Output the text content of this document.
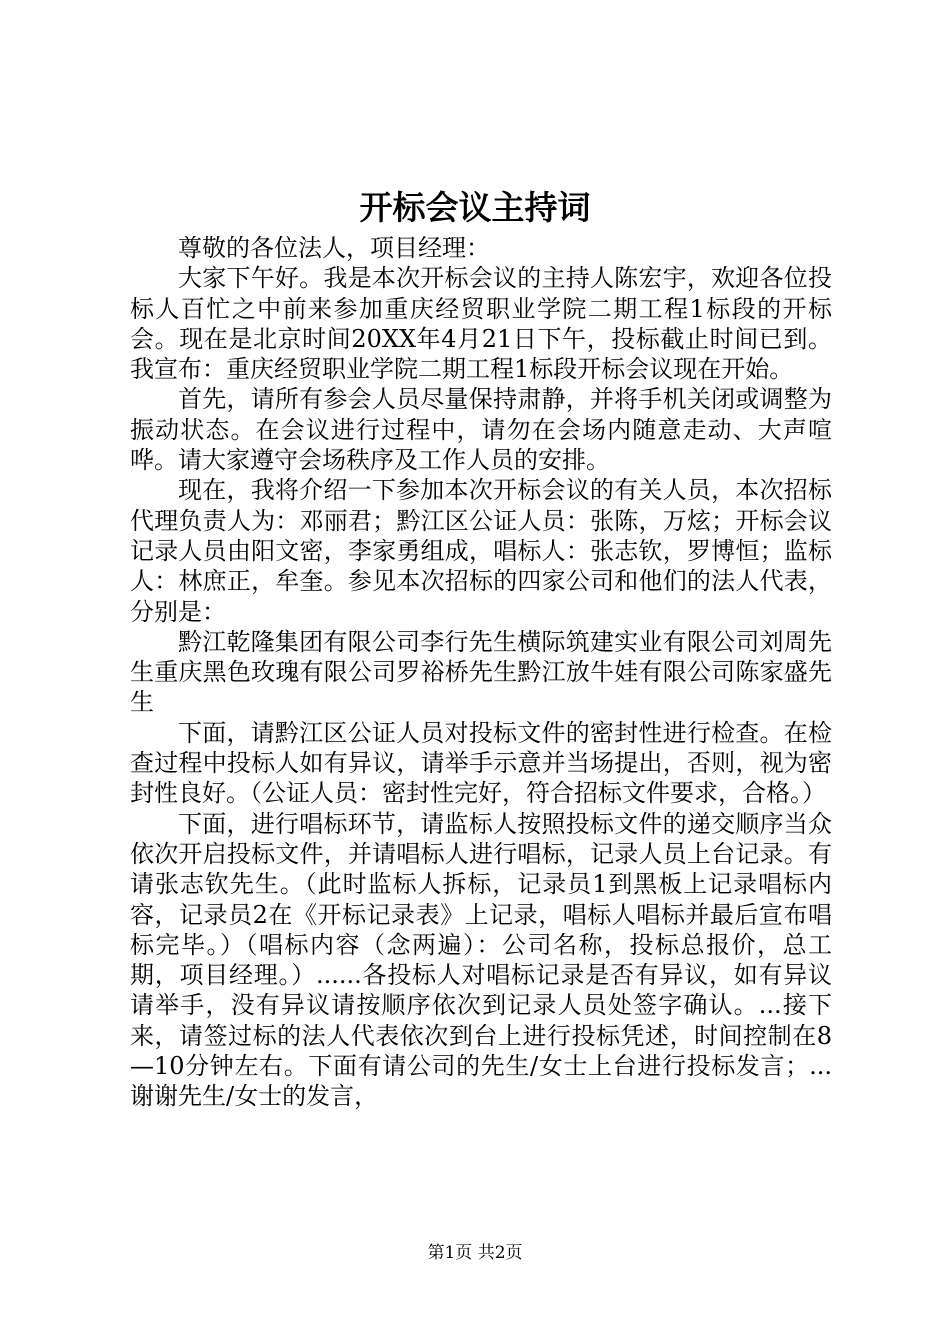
开标会议主持词

尊敬的各位法人，项目经理：

大家下午好。我是本次开标会议的主持人陈宏宇，欢迎各位投标人百忙之中前来参加重庆经贸职业学院二期工程1标段的开标会。现在是北京时间20XX年4月21日下午，投标截止时间已到。我宣布：重庆经贸职业学院二期工程1标段开标会议现在开始。

首先，请所有参会人员尽量保持肃静，并将手机关闭或调整为振动状态。在会议进行过程中，请勿在会场内随意走动、大声喧哗。请大家遵守会场秩序及工作人员的安排。

现在，我将介绍一下参加本次开标会议的有关人员，本次招标代理负责人为：邓丽君；黔江区公证人员：张陈，万炫；开标会议记录人员由阳文密，李家勇组成，唱标人：张志钦，罗博恒；监标人：林庶正，牟奎。参见本次招标的四家公司和他们的法人代表，分别是：

黔江乾隆集团有限公司李行先生横际筑建实业有限公司刘周先生重庆黑色玫瑰有限公司罗裕桥先生黔江放牛娃有限公司陈家盛先生

下面，请黔江区公证人员对投标文件的密封性进行检查。在检查过程中投标人如有异议，请举手示意并当场提出，否则，视为密封性良好。（公证人员：密封性完好，符合招标文件要求，合格。）

下面，进行唱标环节，请监标人按照投标文件的递交顺序当众依次开启投标文件，并请唱标人进行唱标，记录人员上台记录。有请张志钦先生。（此时监标人拆标，记录员1到黑板上记录唱标内容，记录员2在《开标记录表》上记录，唱标人唱标并最后宣布唱标完毕。）（唱标内容（念两遍）：公司名称，投标总报价，总工期，项目经理。）......各投标人对唱标记录是否有异议，如有异议请举手，没有异议请按顺序依次到记录人员处签字确认。...接下来，请签过标的法人代表依次到台上进行投标凭述，时间控制在8—10分钟左右。下面有请公司的先生/女士上台进行投标发言；...谢谢先生/女士的发言，

第1页 共2页
